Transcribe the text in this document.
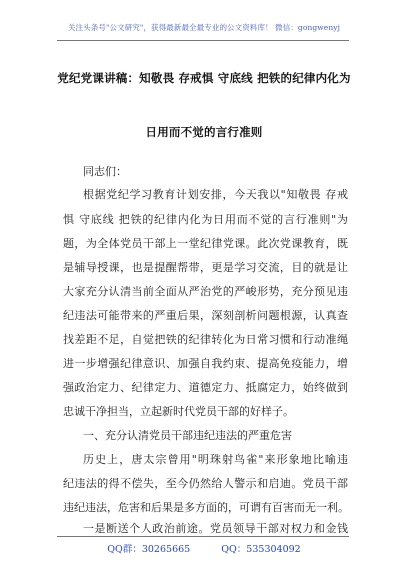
关注头条号"公文研究"，获得最新最全最专业的公文资料库！ 微信：gongwenyj
党纪党课讲稿：知敬畏 存戒惧 守底线 把铁的纪律内化为
日用而不觉的言行准则
同志们：
根据党纪学习教育计划安排，今天我以"知敬畏 存戒
惧 守底线 把铁的纪律内化为日用而不觉的言行准则"为
题，为全体党员干部上一堂纪律党课。此次党课教育，既
是辅导授课，也是提醒帮带，更是学习交流，目的就是让
大家充分认清当前全面从严治党的严峻形势，充分预见违
纪违法可能带来的严重后果，深刻剖析问题根源，认真查
找差距不足，自觉把铁的纪律转化为日常习惯和行动准绳
进一步增强纪律意识、加强自我约束、提高免疫能力，增
强政治定力、纪律定力、道德定力、抵腐定力，始终做到
忠诚干净担当，立起新时代党员干部的好样子。
一、充分认清党员干部违纪违法的严重危害
历史上，唐太宗曾用"明珠射鸟雀"来形象地比喻违
纪违法的得不偿失，至今仍然给人警示和启迪。党员干部
违纪违法，危害和后果是多方面的，可谓有百害而无一利。
一是断送个人政治前途。党员领导干部对权力和金钱
QQ群：30265665	QQ：535304092
